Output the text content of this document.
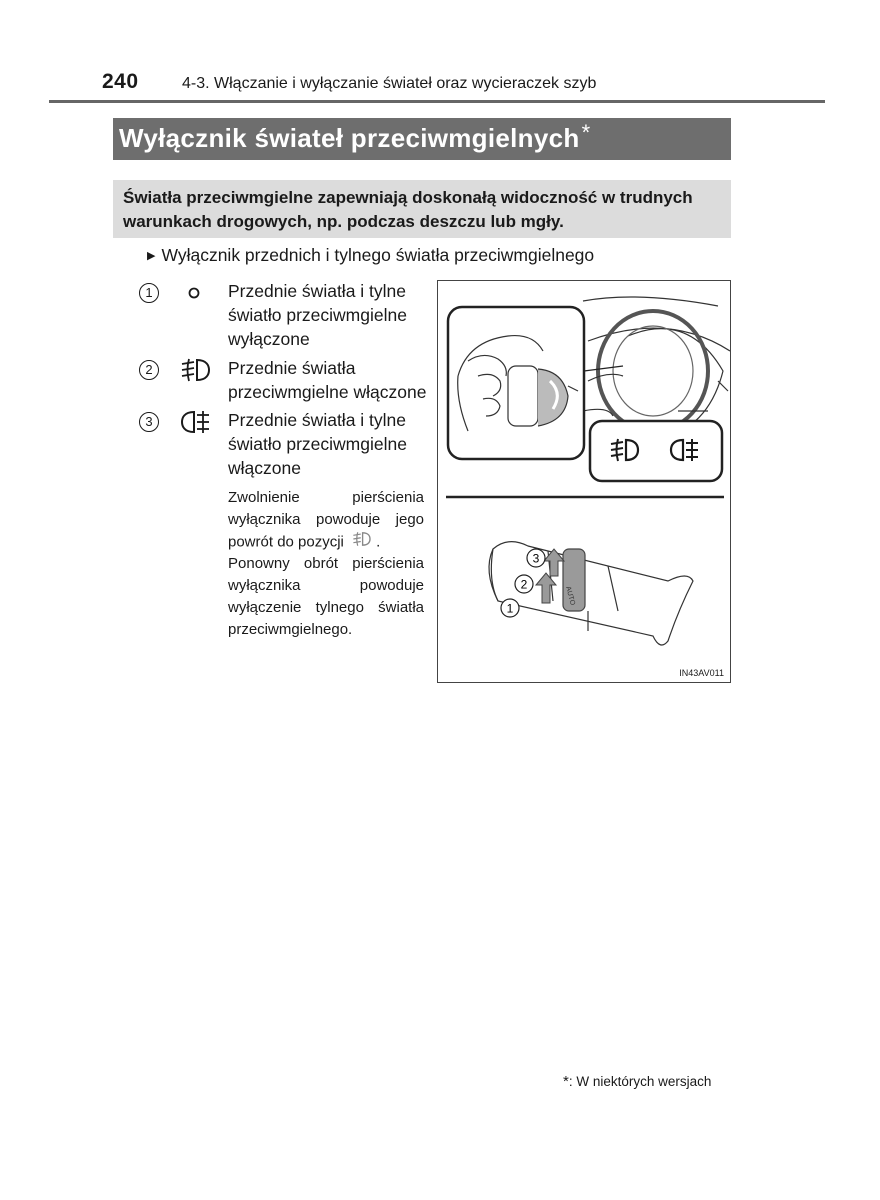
240	4-3. Włączanie i wyłączanie świateł oraz wycieraczek szyb
Wyłącznik świateł przeciwmgielnych*
Światła przeciwmgielne zapewniają doskonałą widoczność w trudnych warunkach drogowych, np. podczas deszczu lub mgły.
▶ Wyłącznik przednich i tylnego światła przeciwmgielnego
1	Przednie światła i tylne światło przeciwmgielne wyłączone
2	Przednie światła przeciwmgielne włączone
3	Przednie światła i tylne światło przeciwmgielne włączone
Zwolnienie pierścienia wyłącznika powoduje jego powrót do pozycji .
Ponowny obrót pierścienia wyłącznika powoduje wyłączenie tylnego światła przeciwmgielnego.
AUTO
3
2
1
IN43AV011
*: W niektórych wersjach
